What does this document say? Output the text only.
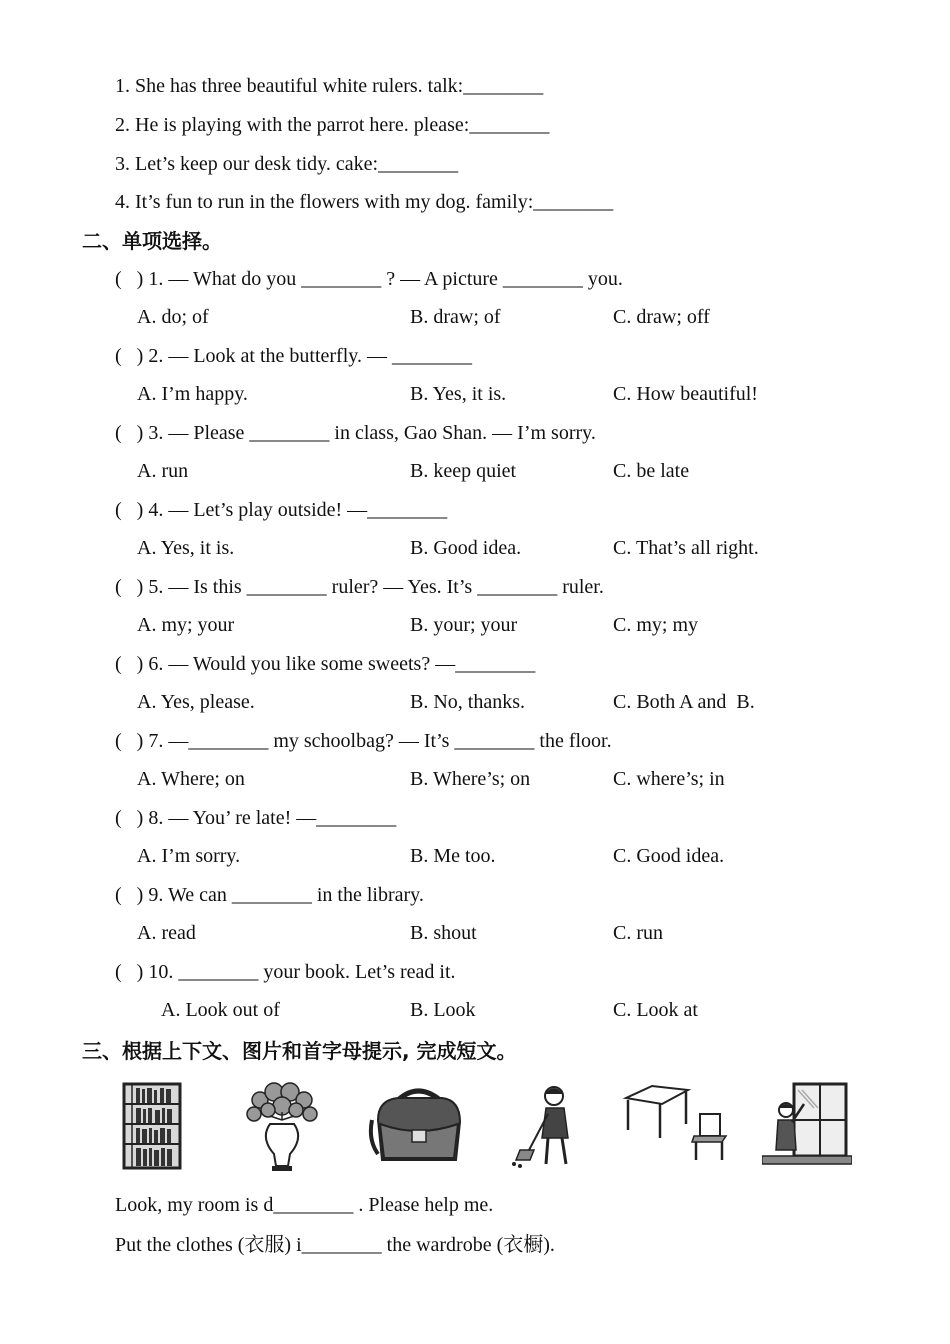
1. She has three beautiful white rulers. talk:________
2. He is playing with the parrot here. please:________
3. Let’s keep our desk tidy. cake:________
4. It’s fun to run in the flowers with my dog. family:________
二、单项选择。
(   ) 1. — What do you ________ ? — A picture ________ you.
A. do; of	B. draw; of	C. draw; off
(   ) 2. — Look at the butterfly. — ________
A. I’m happy.	B. Yes, it is.	C. How beautiful!
(   ) 3. — Please ________ in class, Gao Shan. — I’m sorry.
A. run	B. keep quiet	C. be late
(   ) 4. — Let’s play outside! —________
A. Yes, it is.	B. Good idea.	C. That’s all right.
(   ) 5. — Is this ________ ruler? — Yes. It’s ________ ruler.
A. my; your	B. your; your	C. my; my
(   ) 6. — Would you like some sweets? —________
A. Yes, please.	B. No, thanks.	C. Both A and  B.
(   ) 7. —________ my schoolbag? — It’s ________ the floor.
A. Where; on	B. Where’s; on	C. where’s; in
(   ) 8. — You’ re late! —________
A. I’m sorry.	B. Me too.	C. Good idea.
(   ) 9. We can ________ in the library.
A. read	B. shout	C. run
(   ) 10. ________ your book. Let’s read it.
A. Look out of	B. Look	C. Look at
三、根据上下文、图片和首字母提示, 完成短文。
Look, my room is d________ . Please help me.
Put the clothes (衣服) i________ the wardrobe (衣橱).
